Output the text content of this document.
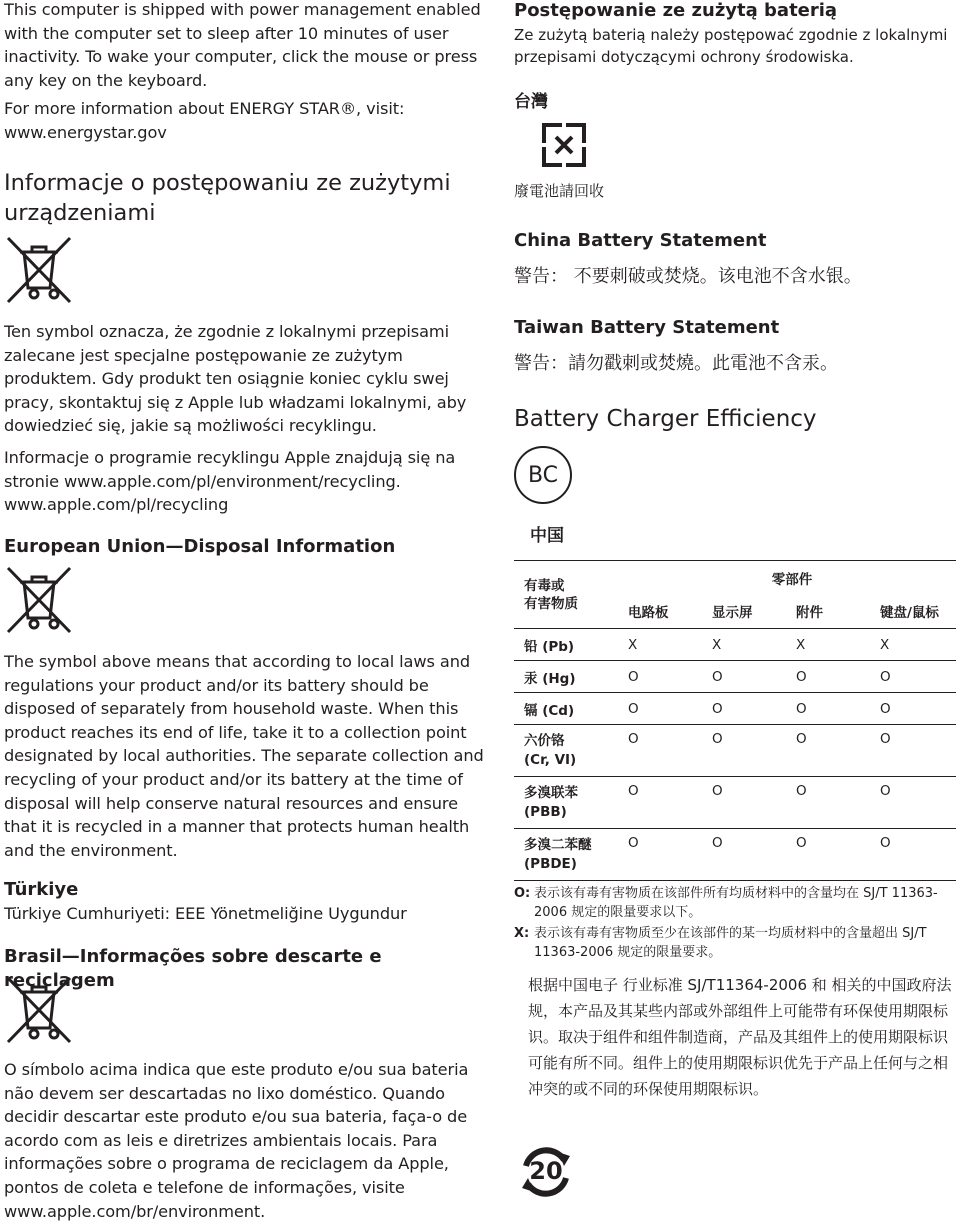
This computer is shipped with power management enabled with the computer set to sleep after 10 minutes of user inactivity. To wake your computer, click the mouse or press any key on the keyboard.

For more information about ENERGY STAR®, visit: www.energystar.gov

Informacje o postępowaniu ze zużytymi urządzeniami

Ten symbol oznacza, że zgodnie z lokalnymi przepisami zalecane jest specjalne postępowanie ze zużytym produktem. Gdy produkt ten osiągnie koniec cyklu swej pracy, skontaktuj się z Apple lub władzami lokalnymi, aby dowiedzieć się, jakie są możliwości recyklingu.

Informacje o programie recyklingu Apple znajdują się na stronie www.apple.com/pl/environment/recycling. www.apple.com/pl/recycling

European Union—Disposal Information

The symbol above means that according to local laws and regulations your product and/or its battery should be disposed of separately from household waste. When this product reaches its end of life, take it to a collection point designated by local authorities. The separate collection and recycling of your product and/or its battery at the time of disposal will help conserve natural resources and ensure that it is recycled in a manner that protects human health and the environment.

Türkiye

Türkiye Cumhuriyeti: EEE Yönetmeliğine Uygundur

Brasil—Informações sobre descarte e reciclagem

O símbolo acima indica que este produto e/ou sua bateria não devem ser descartadas no lixo doméstico. Quando decidir descartar este produto e/ou sua bateria, faça-o de acordo com as leis e diretrizes ambientais locais. Para informações sobre o programa de reciclagem da Apple, pontos de coleta e telefone de informações, visite www.apple.com/br/environment.

Postępowanie ze zużytą baterią

Ze zużytą baterią należy postępować zgodnie z lokalnymi przepisami dotyczącymi ochrony środowiska.

台灣

廢電池請回收

China Battery Statement

警告： 不要刺破或焚烧。该电池不含水银。

Taiwan Battery Statement

警告：請勿戳刺或焚燒。此電池不含汞。

Battery Charger Efficiency
BC
中国
有毒或
有害物质	零部件			
	电路板	显示屏	附件	键盘/鼠标
铅 (Pb)	X	X	X	X
汞 (Hg)	O	O	O	O
镉 (Cd)	O	O	O	O
六价铬
(Cr, VI)	O	O	O	O
多溴联苯
(PBB)	O	O	O	O
多溴二苯醚
(PBDE)	O	O	O	O
O: 表示该有毒有害物质在该部件所有均质材料中的含量均在 SJ/T 11363-2006 规定的限量要求以下。
X: 表示该有毒有害物质至少在该部件的某一均质材料中的含量超出 SJ/T 11363-2006 规定的限量要求。

根据中国电子 行业标准 SJ/T11364-2006 和 相关的中国政府法规，本产品及其某些内部或外部组件上可能带有环保使用期限标识。取决于组件和组件制造商，产品及其组件上的使用期限标识可能有所不同。组件上的使用期限标识优先于产品上任何与之相冲突的或不同的环保使用期限标识。

20
